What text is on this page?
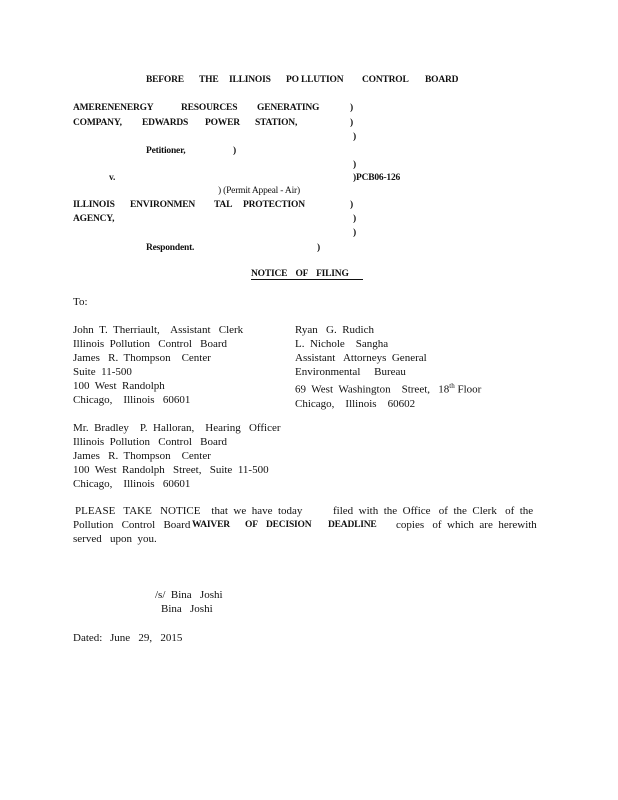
BEFORE THE ILLINOIS PO LLUTION CONTROL BOARD
AMERENENERGY	RESOURCES GENERATING	)
COMPANY, EDWARDS POWER STATION,	)
)
Petitioner,	)
)
v.	)PCB06-126
) (Permit Appeal - Air)
ILLINOIS ENVIRONMEN TAL PROTECTION	)
AGENCY,	)
)
Respondent.	)
NOTICE OF FILING
To:
John  T.  Therriault,    Assistant   Clerk
Illinois  Pollution   Control   Board
James   R.  Thompson    Center
Suite  11-500
100  West  Randolph
Chicago,    Illinois   60601
Ryan   G.  Rudich
L.  Nichole    Sangha
Assistant   Attorneys  General
Environmental     Bureau
69  West  Washington    Street,   18th Floor
Chicago,    Illinois    60602
Mr.  Bradley    P.  Halloran,    Hearing   Officer
Illinois  Pollution   Control   Board
James   R.  Thompson    Center
100  West  Randolph   Street,   Suite  11-500
Chicago,    Illinois   60601
PLEASE   TAKE   NOTICE    that  we  have  today	filed  with  the  Office   of  the  Clerk   of  the
Pollution   Control   Board WAIVER OF DECISION DEADLINE copies   of  which  are  herewith
served   upon  you.
/s/  Bina   Joshi
Bina   Joshi
Dated: June   29,   2015
